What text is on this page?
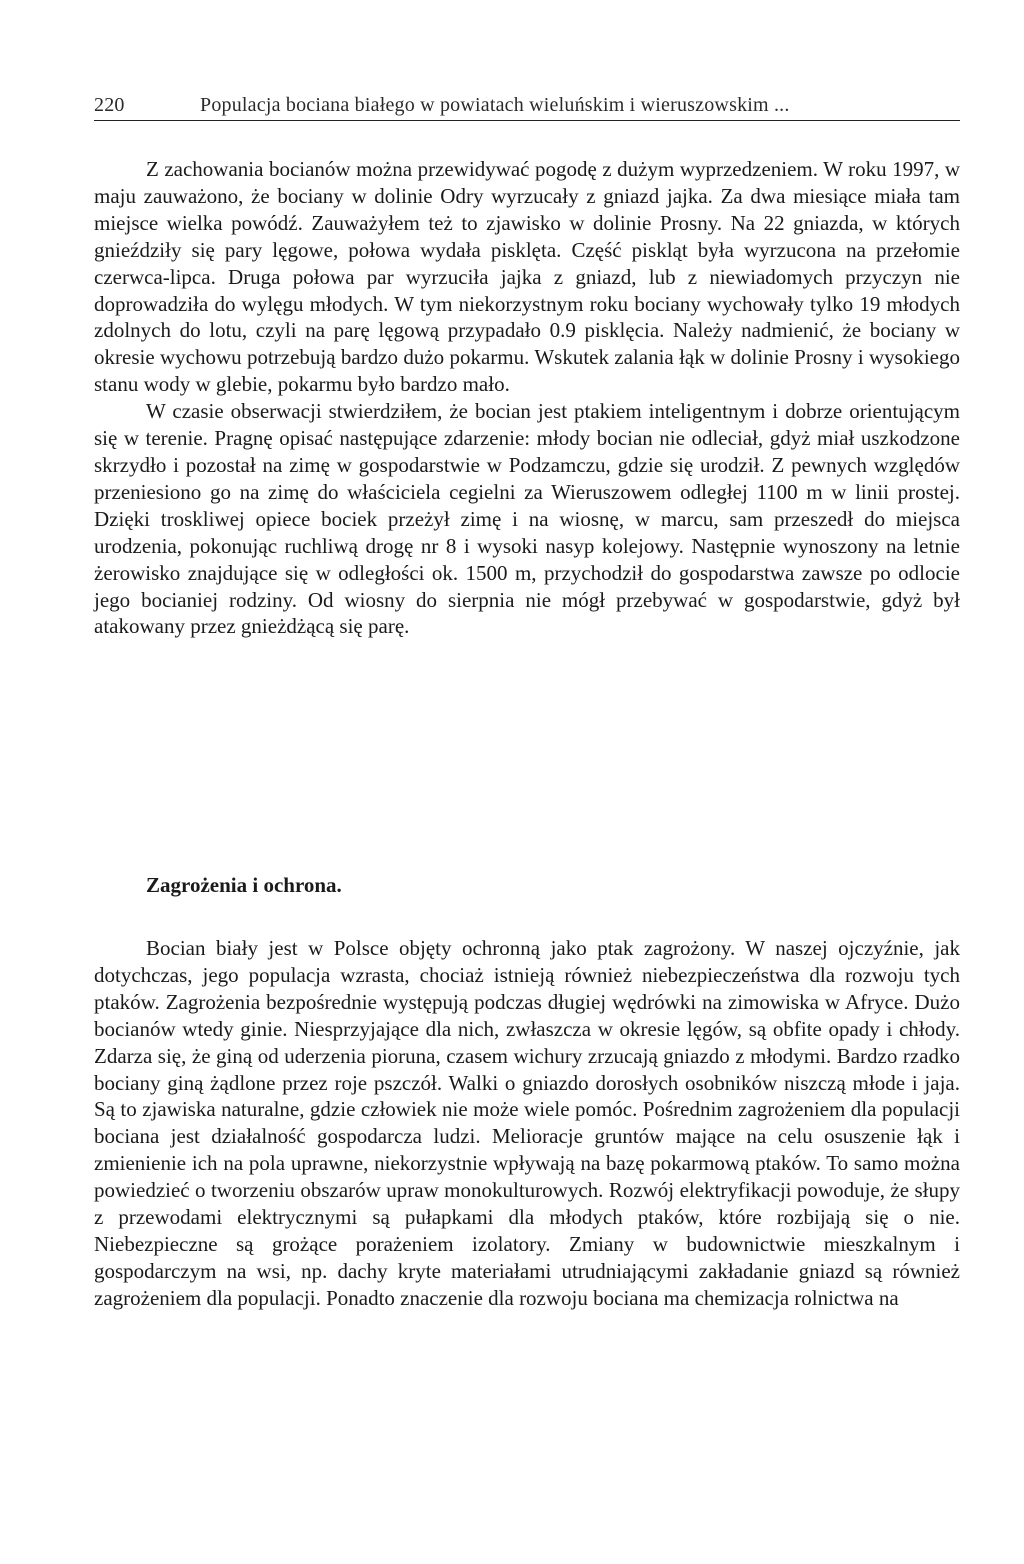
220	Populacja bociana białego w powiatach wieluńskim i wieruszowskim ...

Z zachowania bocianów można przewidywać pogodę z dużym wyprzedzeniem. W roku 1997, w maju zauważono, że bociany w dolinie Odry wyrzucały z gniazd jajka. Za dwa miesiące miała tam miejsce wielka powódź. Zauważyłem też to zjawisko w dolinie Prosny. Na 22 gniazda, w których gnieździły się pary lęgowe, połowa wydała pisklęta. Część piskląt była wyrzucona na przełomie czerwca-lipca. Druga połowa par wyrzuciła jajka z gniazd, lub z niewiadomych przyczyn nie doprowadziła do wylęgu młodych. W tym niekorzystnym roku bociany wychowały tylko 19 młodych zdolnych do lotu, czyli na parę lęgową przypadało 0.9 pisklęcia. Należy nadmienić, że bociany w okresie wychowu potrzebują bardzo dużo pokarmu. Wskutek zalania łąk w dolinie Prosny i wysokiego stanu wody w glebie, pokarmu było bardzo mało.

W czasie obserwacji stwierdziłem, że bocian jest ptakiem inteligentnym i dobrze orientującym się w terenie. Pragnę opisać następujące zdarzenie: młody bocian nie odleciał, gdyż miał uszkodzone skrzydło i pozostał na zimę w gospodarstwie w Podzamczu, gdzie się urodził. Z pewnych względów przeniesiono go na zimę do właściciela cegielni za Wieruszowem odległej 1100 m w linii prostej. Dzięki troskliwej opiece bociek przeżył zimę i na wiosnę, w marcu, sam przeszedł do miejsca urodzenia, pokonując ruchliwą drogę nr 8 i wysoki nasyp kolejowy. Następnie wynoszony na letnie żerowisko znajdujące się w odległości ok. 1500 m, przychodził do gospodarstwa zawsze po odlocie jego bocianiej rodziny. Od wiosny do sierpnia nie mógł przebywać w gospodarstwie, gdyż był atakowany przez gnieżdżącą się parę.

Zagrożenia i ochrona.

Bocian biały jest w Polsce objęty ochronną jako ptak zagrożony. W naszej ojczyźnie, jak dotychczas, jego populacja wzrasta, chociaż istnieją również niebezpieczeństwa dla rozwoju tych ptaków. Zagrożenia bezpośrednie występują podczas długiej wędrówki na zimowiska w Afryce. Dużo bocianów wtedy ginie. Niesprzyjające dla nich, zwłaszcza w okresie lęgów, są obfite opady i chłody. Zdarza się, że giną od uderzenia pioruna, czasem wichury zrzucają gniazdo z młodymi. Bardzo rzadko bociany giną żądlone przez roje pszczół. Walki o gniazdo dorosłych osobników niszczą młode i jaja. Są to zjawiska naturalne, gdzie człowiek nie może wiele pomóc. Pośrednim zagrożeniem dla populacji bociana jest działalność gospodarcza ludzi. Melioracje gruntów mające na celu osuszenie łąk i zmienienie ich na pola uprawne, niekorzystnie wpływają na bazę pokarmową ptaków. To samo można powiedzieć o tworzeniu obszarów upraw monokulturowych. Rozwój elektryfikacji powoduje, że słupy z przewodami elektrycznymi są pułapkami dla młodych ptaków, które rozbijają się o nie. Niebezpieczne są grożące porażeniem izolatory. Zmiany w budownictwie mieszkalnym i gospodarczym na wsi, np. dachy kryte materiałami utrudniającymi zakładanie gniazd są również zagrożeniem dla populacji. Ponadto znaczenie dla rozwoju bociana ma chemizacja rolnictwa na
